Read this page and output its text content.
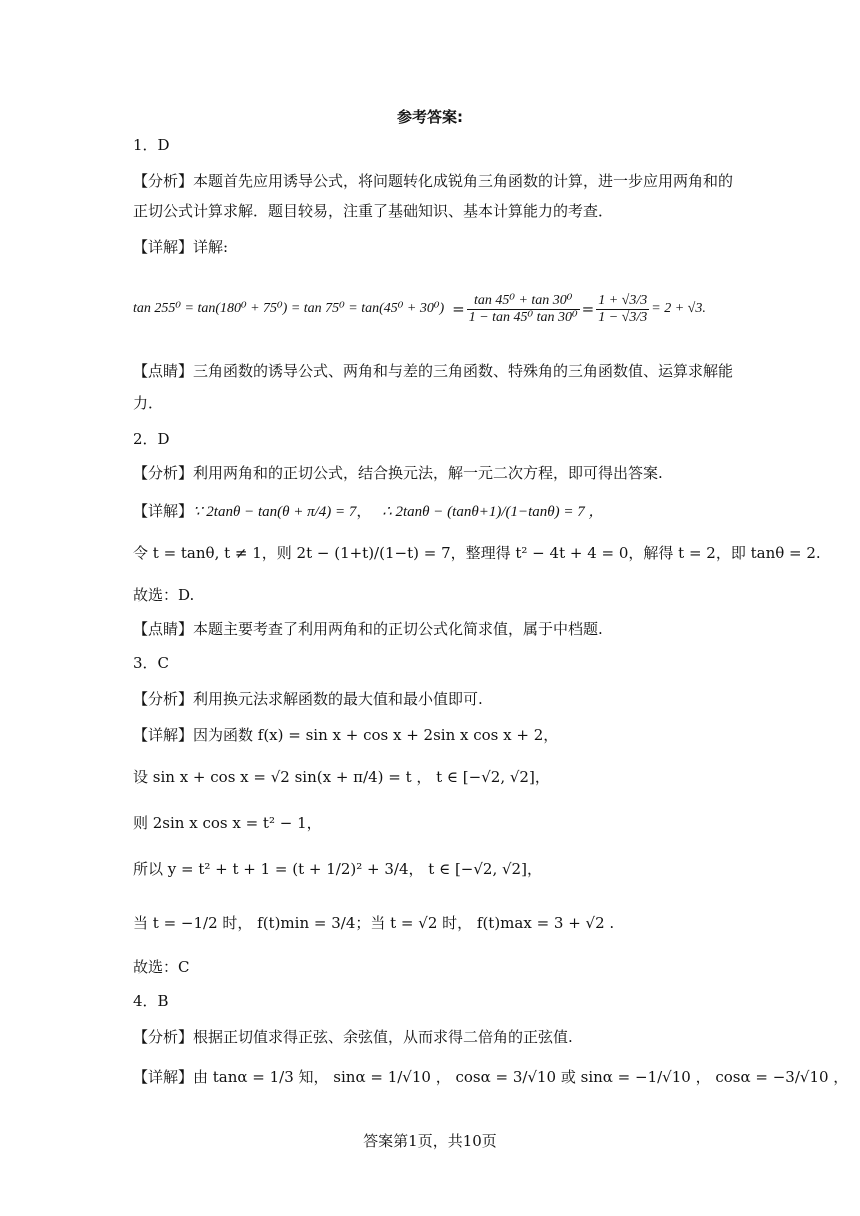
参考答案:
1．D
【分析】本题首先应用诱导公式，将问题转化成锐角三角函数的计算，进一步应用两角和的
正切公式计算求解．题目较易，注重了基础知识、基本计算能力的考查．
【详解】详解:
$\tan 255^0 = \tan(180^0 + 75^0) = \tan 75^0 = \tan(45^0 + 30^0) = \frac{\text{tan 45⁰ + tan 30⁰}}{\text{1 − tan 45⁰ tan 30⁰}} = \frac{1 + √3/3}{1 - √3/3} = 2 + √3$.
【点睛】三角函数的诱导公式、两角和与差的三角函数、特殊角的三角函数值、运算求解能
力．
2．D
【分析】利用两角和的正切公式，结合换元法，解一元二次方程，即可得出答案.
【详解】∵ 2tanθ − tan(θ + π/4) = 7， ∴ 2tanθ − (tanθ+1)/(1−tanθ) = 7 ，
令 t = tanθ, t ≠ 1，则 2t − (1+t)/(1−t) = 7，整理得 t² − 4t + 4 = 0，解得 t = 2，即 tanθ = 2.
故选：D.
【点睛】本题主要考查了利用两角和的正切公式化简求值，属于中档题.
3．C
【分析】利用换元法求解函数的最大值和最小值即可.
【详解】因为函数 f(x) = sin x + cos x + 2sin x cos x + 2，
设 sin x + cos x = √2 sin(x + π/4) = t ， t ∈ [−√2, √2]，
则 2sin x cos x = t² − 1，
所以 y = t² + t + 1 = (t + 1/2)² + 3/4， t ∈ [−√2, √2]，
当 t = −1/2 时， f(t)min = 3/4；当 t = √2 时， f(t)max = 3 + √2 .
故选：C
4．B
【分析】根据正切值求得正弦、余弦值，从而求得二倍角的正弦值.
【详解】由 tanα = 1/3 知， sinα = 1/√10 ， cosα = 3/√10 或 sinα = −1/√10 ， cosα = −3/√10 ，
答案第1页，共10页
